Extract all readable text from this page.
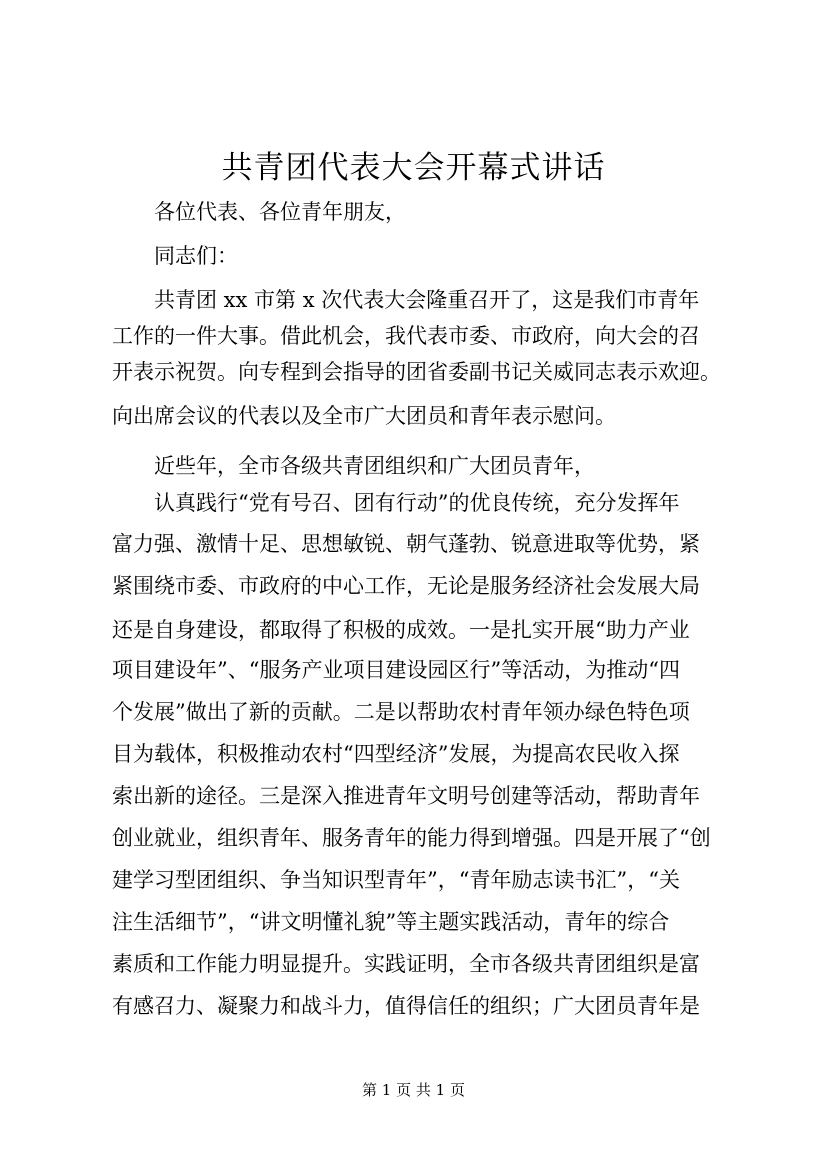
共青团代表大会开幕式讲话

各位代表、各位青年朋友，

同志们：

共青团 xx 市第 x 次代表大会隆重召开了，这是我们市青年

工作的一件大事。借此机会，我代表市委、市政府，向大会的召

开表示祝贺。向专程到会指导的团省委副书记关威同志表示欢迎。

向出席会议的代表以及全市广大团员和青年表示慰问。

近些年，全市各级共青团组织和广大团员青年，

认真践行“党有号召、团有行动”的优良传统，充分发挥年

富力强、激情十足、思想敏锐、朝气蓬勃、锐意进取等优势，紧

紧围绕市委、市政府的中心工作，无论是服务经济社会发展大局

还是自身建设，都取得了积极的成效。一是扎实开展“助力产业

项目建设年”、“服务产业项目建设园区行”等活动，为推动“四

个发展”做出了新的贡献。二是以帮助农村青年领办绿色特色项

目为载体，积极推动农村“四型经济”发展，为提高农民收入探

索出新的途径。三是深入推进青年文明号创建等活动，帮助青年

创业就业，组织青年、服务青年的能力得到增强。四是开展了“创

建学习型团组织、争当知识型青年”，“青年励志读书汇”，“关

注生活细节”，“讲文明懂礼貌”等主题实践活动，青年的综合

素质和工作能力明显提升。实践证明，全市各级共青团组织是富

有感召力、凝聚力和战斗力，值得信任的组织；广大团员青年是

第 1 页 共 1 页
